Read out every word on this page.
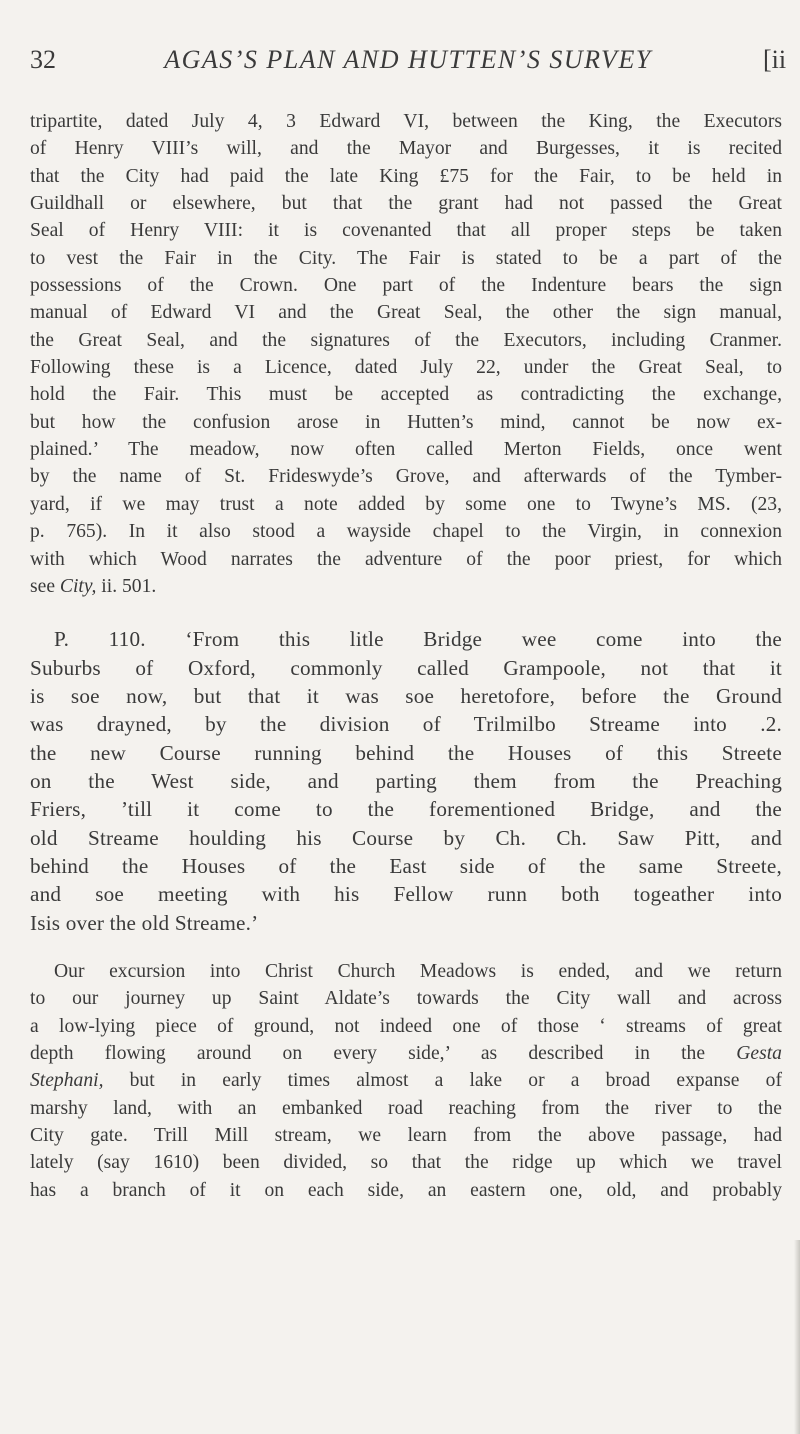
32	AGAS’S PLAN AND HUTTEN’S SURVEY	[ii
tripartite, dated July 4, 3 Edward VI, between the King, the Executors
of Henry VIII’s will, and the Mayor and Burgesses, it is recited
that the City had paid the late King £75 for the Fair, to be held in
Guildhall or elsewhere, but that the grant had not passed the Great
Seal of Henry VIII: it is covenanted that all proper steps be taken
to vest the Fair in the City. The Fair is stated to be a part of the
possessions of the Crown. One part of the Indenture bears the sign
manual of Edward VI and the Great Seal, the other the sign manual,
the Great Seal, and the signatures of the Executors, including Cranmer.
Following these is a Licence, dated July 22, under the Great Seal, to
hold the Fair. This must be accepted as contradicting the exchange,
but how the confusion arose in Hutten’s mind, cannot be now ex-
plained.’ The meadow, now often called Merton Fields, once went
by the name of St. Frideswyde’s Grove, and afterwards of the Tymber-
yard, if we may trust a note added by some one to Twyne’s MS. (23,
p. 765). In it also stood a wayside chapel to the Virgin, in connexion
with which Wood narrates the adventure of the poor priest, for which
see City, ii. 501.
P. 110. ‘From this litle Bridge wee come into the
Suburbs of Oxford, commonly called Grampoole, not that it
is soe now, but that it was soe heretofore, before the Ground
was drayned, by the division of Trilmilbo Streame into .2.
the new Course running behind the Houses of this Streete
on the West side, and parting them from the Preaching
Friers, ’till it come to the forementioned Bridge, and the
old Streame houlding his Course by Ch. Ch. Saw Pitt, and
behind the Houses of the East side of the same Streete,
and soe meeting with his Fellow runn both togeather into
Isis over the old Streame.’
Our excursion into Christ Church Meadows is ended, and we return
to our journey up Saint Aldate’s towards the City wall and across
a low-lying piece of ground, not indeed one of those ‘ streams of great
depth flowing around on every side,’ as described in the Gesta
Stephani, but in early times almost a lake or a broad expanse of
marshy land, with an embanked road reaching from the river to the
City gate. Trill Mill stream, we learn from the above passage, had
lately (say 1610) been divided, so that the ridge up which we travel
has a branch of it on each side, an eastern one, old, and probably
